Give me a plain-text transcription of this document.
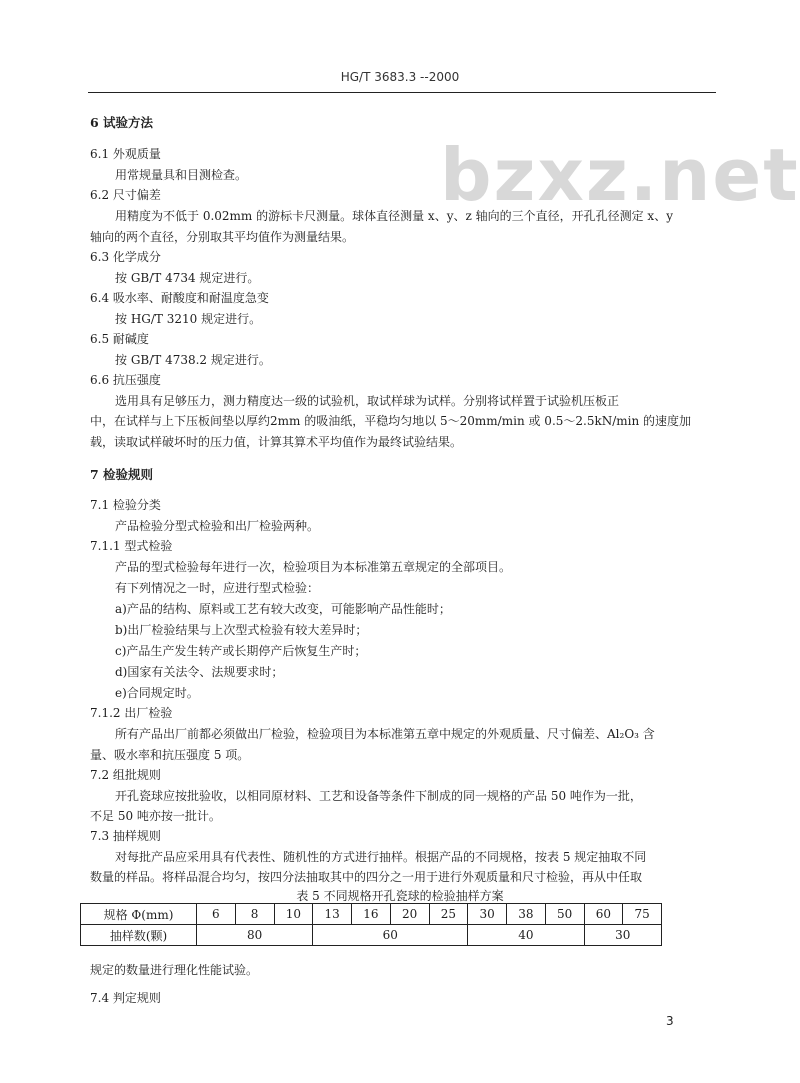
HG/T 3683.3 --2000
bzxz.net
6 试验方法
6.1 外观质量
用常规量具和目测检查。
6.2 尺寸偏差
用精度为不低于 0.02mm 的游标卡尺测量。球体直径测量 x、y、z 轴向的三个直径，开孔孔径测定 x、y
轴向的两个直径，分别取其平均值作为测量结果。
6.3 化学成分
按 GB/T 4734 规定进行。
6.4 吸水率、耐酸度和耐温度急变
按 HG/T 3210 规定进行。
6.5 耐碱度
按 GB/T 4738.2 规定进行。
6.6 抗压强度
选用具有足够压力，测力精度达一级的试验机，取试样球为试样。分别将试样置于试验机压板正
中，在试样与上下压板间垫以厚约2mm 的吸油纸，平稳均匀地以 5～20mm/min 或 0.5～2.5kN/min 的速度加
载，读取试样破坏时的压力值，计算其算术平均值作为最终试验结果。
7 检验规则
7.1 检验分类
产品检验分型式检验和出厂检验两种。
7.1.1 型式检验
产品的型式检验每年进行一次，检验项目为本标准第五章规定的全部项目。
有下列情况之一时，应进行型式检验：
a)产品的结构、原料或工艺有较大改变，可能影响产品性能时；
b)出厂检验结果与上次型式检验有较大差异时；
c)产品生产发生转产或长期停产后恢复生产时；
d)国家有关法令、法规要求时；
e)合同规定时。
7.1.2 出厂检验
所有产品出厂前都必须做出厂检验，检验项目为本标准第五章中规定的外观质量、尺寸偏差、Al₂O₃ 含
量、吸水率和抗压强度 5 项。
7.2 组批规则
开孔瓷球应按批验收，以相同原材料、工艺和设备等条件下制成的同一规格的产品 50 吨作为一批，
不足 50 吨亦按一批计。
7.3 抽样规则
对每批产品应采用具有代表性、随机性的方式进行抽样。根据产品的不同规格，按表 5 规定抽取不同
数量的样品。将样品混合均匀，按四分法抽取其中的四分之一用于进行外观质量和尺寸检验，再从中任取
表 5 不同规格开孔瓷球的检验抽样方案
规格 Φ(mm)	6	8	10	13	16	20	25	30	38	50	60	75
抽样数(颗)	80			60				40			30	
规定的数量进行理化性能试验。
7.4 判定规则
3
